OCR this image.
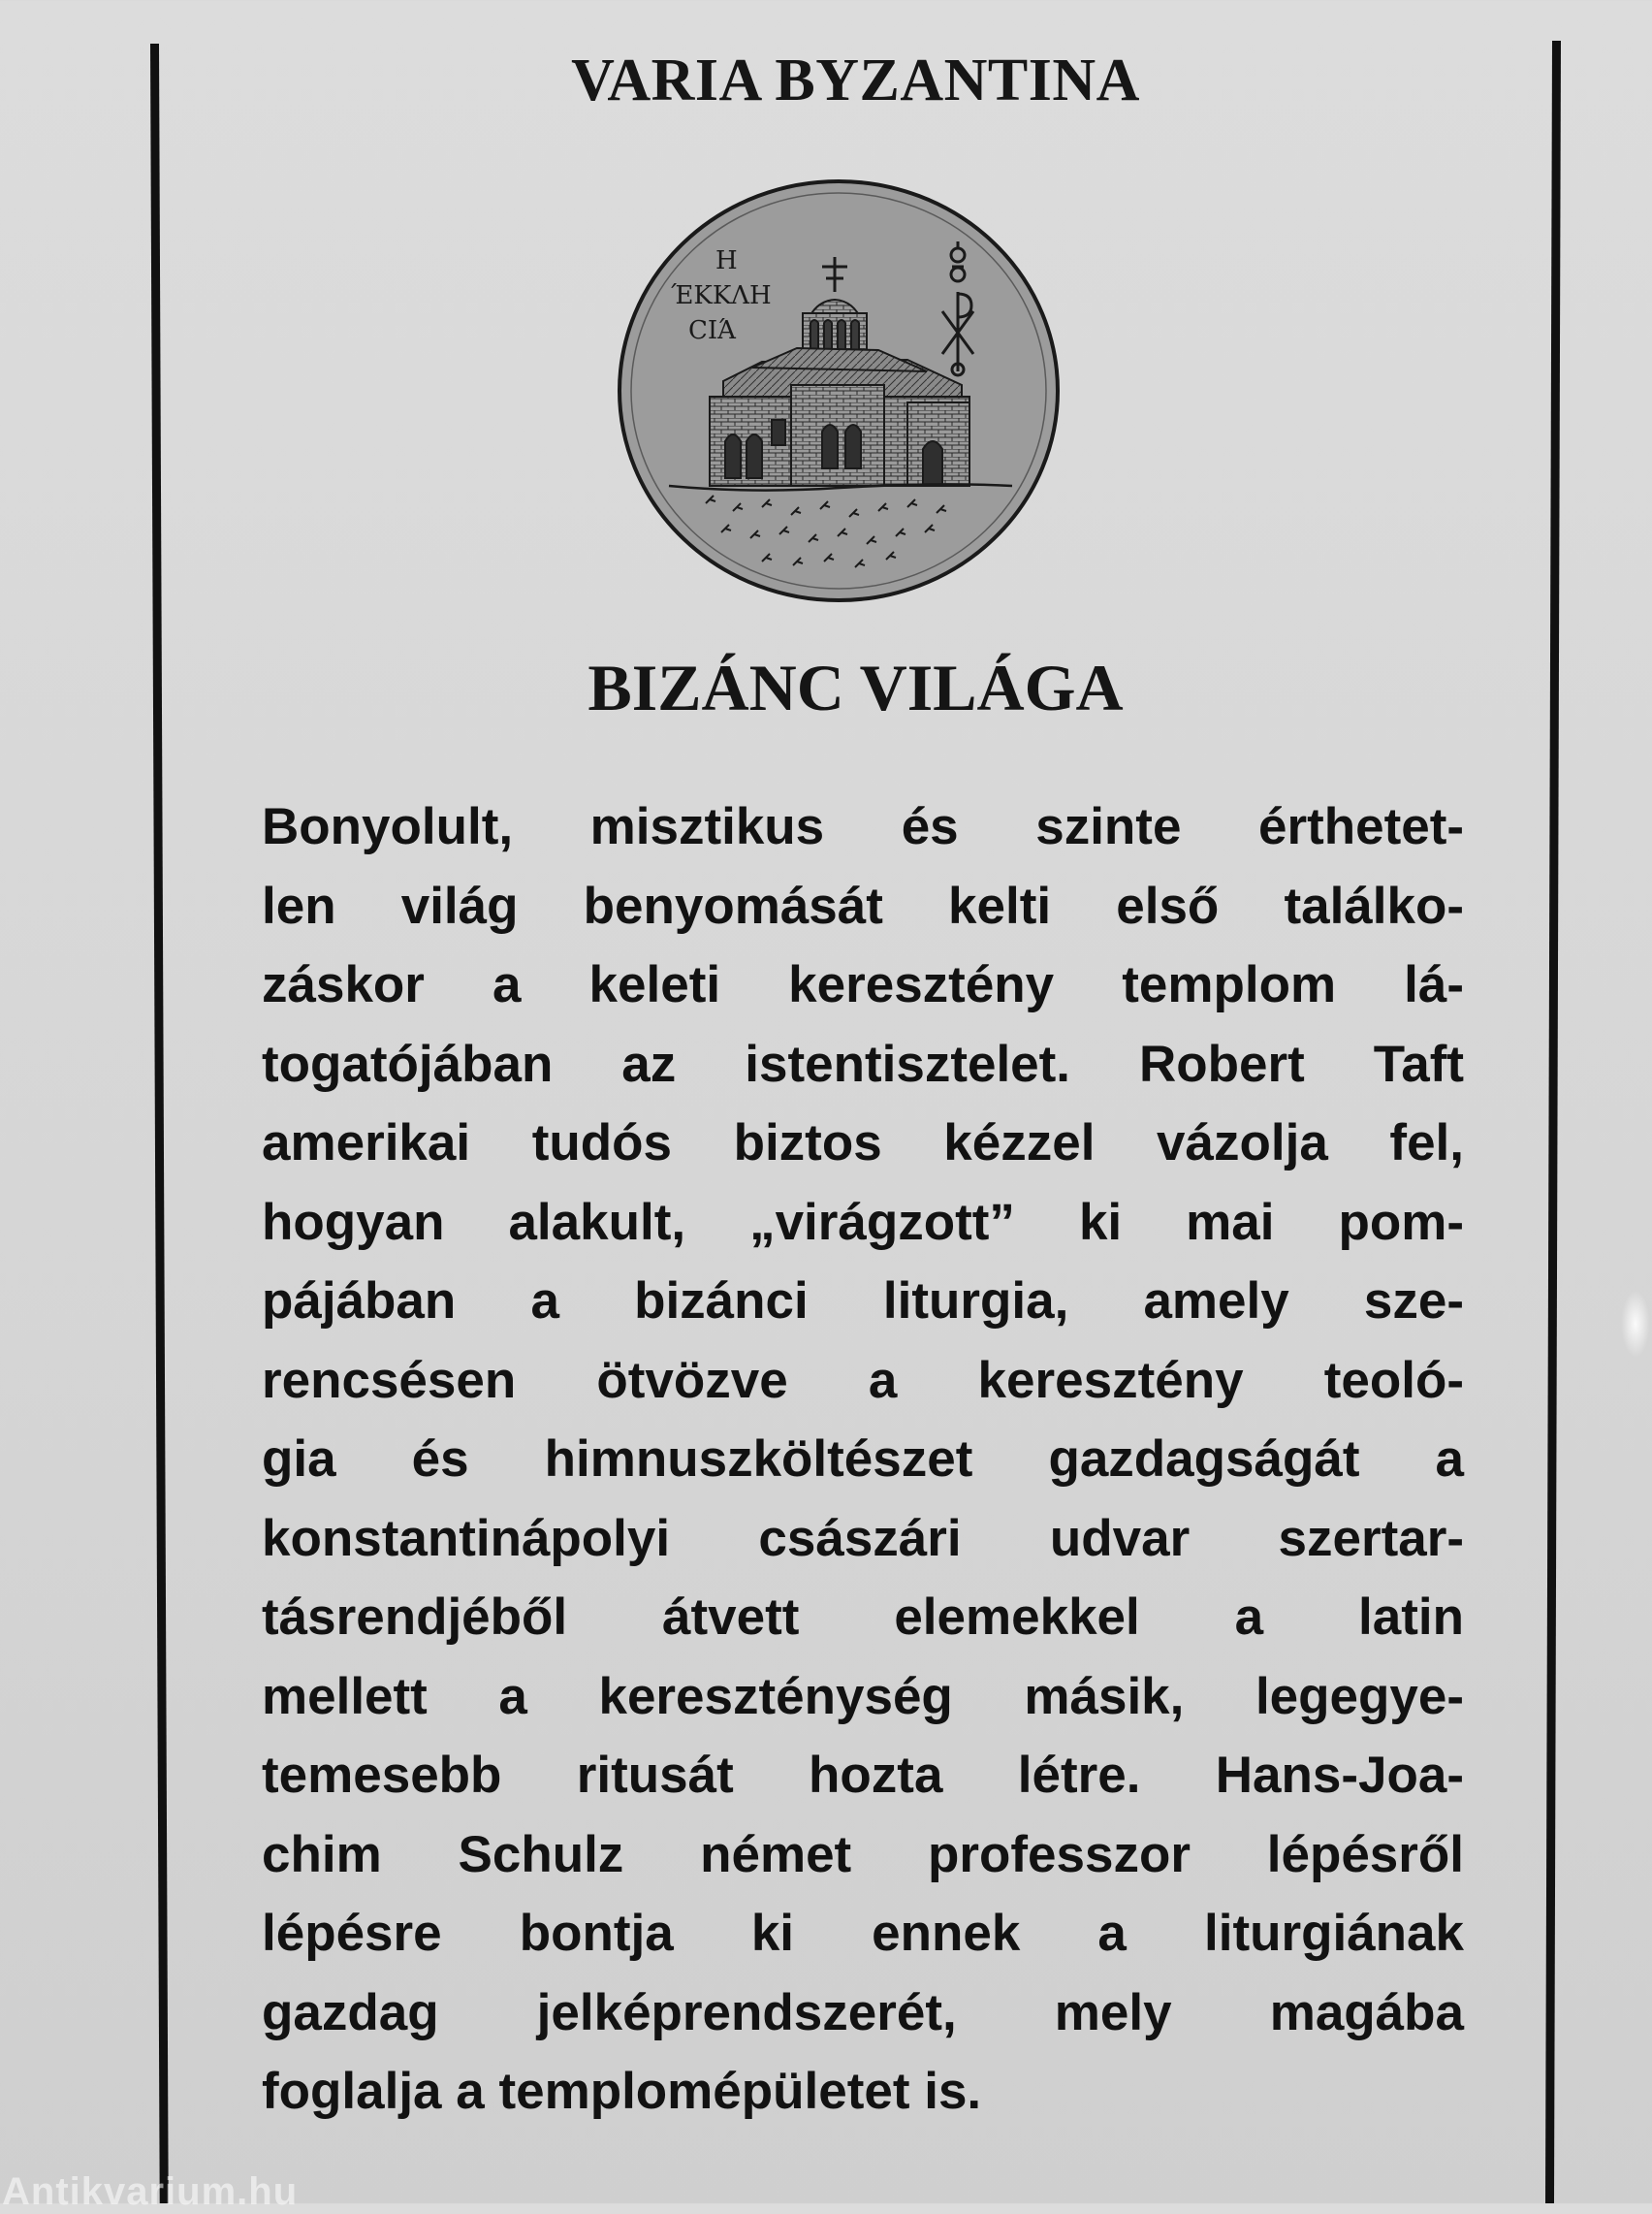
VARIA BYZANTINA
Η
ΈΚΚΛΗ
CΙΆ
BIZÁNC VILÁGA
Bonyolult, misztikus és szinte érthetet-
len világ benyomását kelti első találko-
záskor a keleti keresztény templom lá-
togatójában az istentisztelet. Robert Taft
amerikai tudós biztos kézzel vázolja fel,
hogyan alakult, „virágzott” ki mai pom-
pájában a bizánci liturgia, amely sze-
rencsésen ötvözve a keresztény teoló-
gia és himnuszköltészet gazdagságát a
konstantinápolyi császári udvar szertar-
tásrendjéből átvett elemekkel a latin
mellett a kereszténység másik, legegye-
temesebb ritusát hozta létre. Hans-Joa-
chim Schulz német professzor lépésről
lépésre bontja ki ennek a liturgiának
gazdag jelképrendszerét, mely magába
foglalja a templomépületet is.
Antikvarium.hu
